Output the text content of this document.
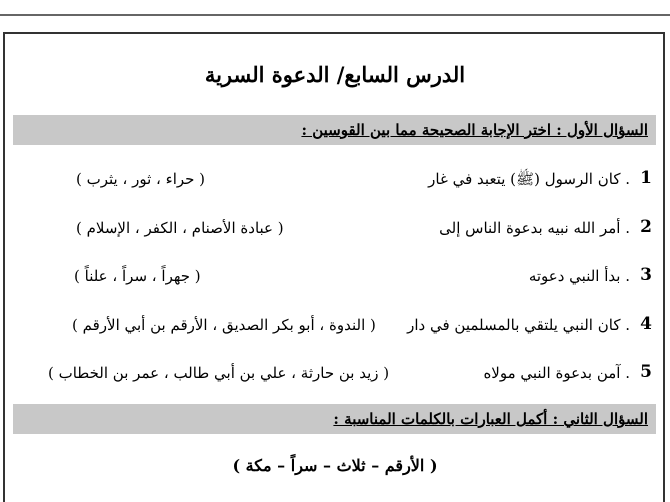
الدرس السابع/ الدعوة السرية
السؤال الأول : اختر الإجابة الصحيحة مما بين القوسين :
1
. كان الرسول (ﷺ) يتعبد في غار
( حراء ، ثور ، يثرب )
2
. أمر الله نبيه بدعوة الناس إلى
( عبادة الأصنام ، الكفر ، الإسلام )
3
. بدأ النبي دعوته
( جهراً ، سراً ، علناً )
4
. كان النبي يلتقي بالمسلمين في دار
( الندوة ، أبو بكر الصديق ، الأرقم بن أبي الأرقم )
5
. آمن بدعوة النبي مولاه
( زيد بن حارثة ، علي بن أبي طالب ، عمر بن الخطاب )
السؤال الثاني : أكمل العبارات بالكلمات المناسبة :
( الأرقم – ثلاث – سراً – مكة )
